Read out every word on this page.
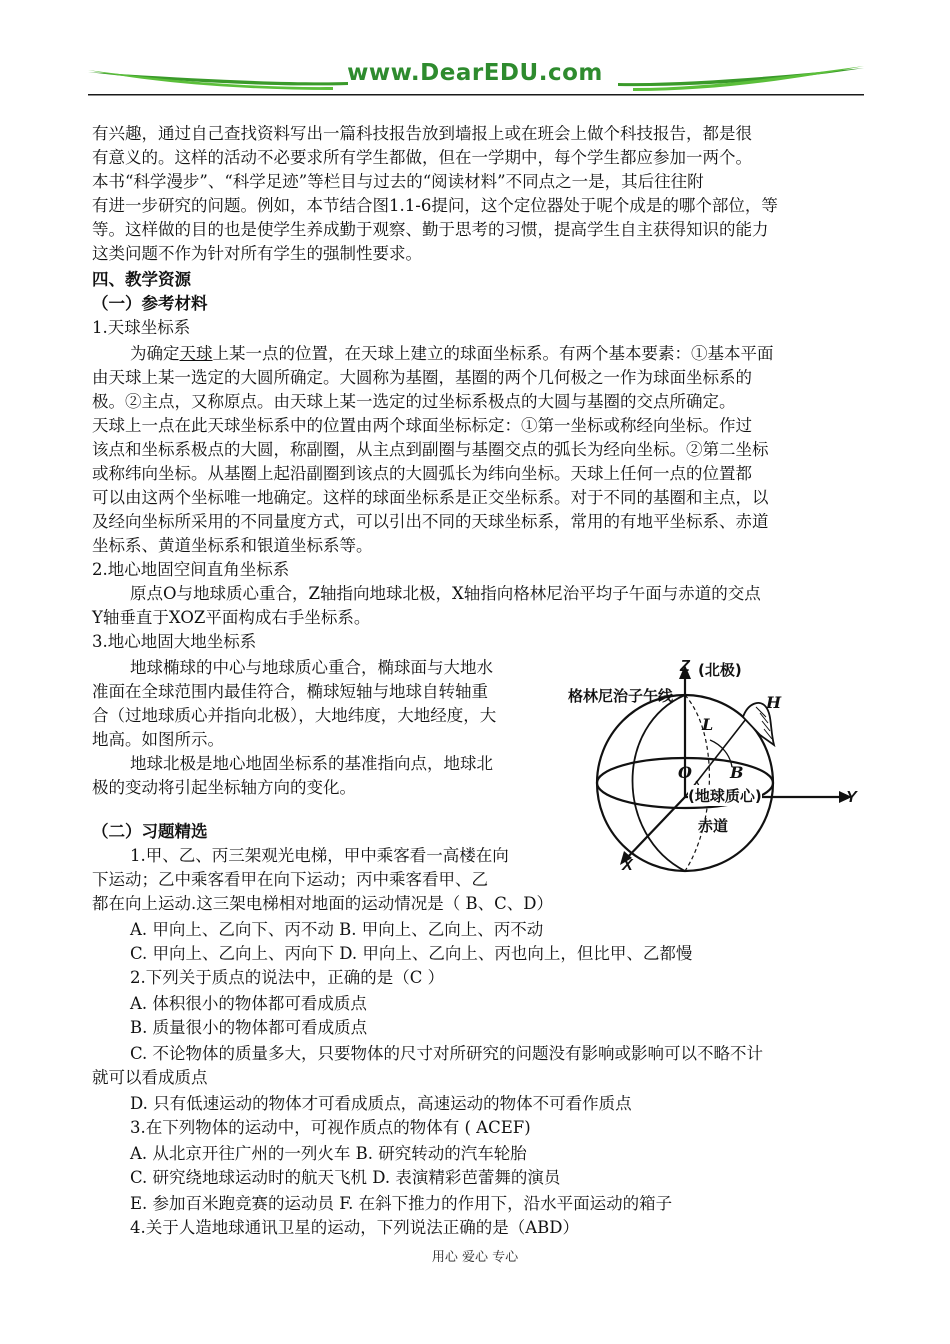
www.DearEDU.com
有兴趣，通过自己查找资料写出一篇科技报告放到墙报上或在班会上做个科技报告，都是很
有意义的。这样的活动不必要求所有学生都做，但在一学期中，每个学生都应参加一两个。
本书“科学漫步”、“科学足迹”等栏目与过去的“阅读材料”不同点之一是，其后往往附
有进一步研究的问题。例如，本节结合图1.1-6提问，这个定位器处于呢个成是的哪个部位，等
等。这样做的目的也是使学生养成勤于观察、勤于思考的习惯，提高学生自主获得知识的能力
这类问题不作为针对所有学生的强制性要求。
四、教学资源
（一）参考材料
1.天球坐标系
为确定天球上某一点的位置，在天球上建立的球面坐标系。有两个基本要素：①基本平面
由天球上某一选定的大圆所确定。大圆称为基圈，基圈的两个几何极之一作为球面坐标系的
极。②主点，又称原点。由天球上某一选定的过坐标系极点的大圆与基圈的交点所确定。
天球上一点在此天球坐标系中的位置由两个球面坐标标定：①第一坐标或称经向坐标。作过
该点和坐标系极点的大圆，称副圈，从主点到副圈与基圈交点的弧长为经向坐标。②第二坐标
或称纬向坐标。从基圈上起沿副圈到该点的大圆弧长为纬向坐标。天球上任何一点的位置都
可以由这两个坐标唯一地确定。这样的球面坐标系是正交坐标系。对于不同的基圈和主点，以
及经向坐标所采用的不同量度方式，可以引出不同的天球坐标系，常用的有地平坐标系、赤道
坐标系、黄道坐标系和银道坐标系等。
2.地心地固空间直角坐标系
原点O与地球质心重合，Z轴指向地球北极，X轴指向格林尼治平均子午面与赤道的交点
Y轴垂直于XOZ平面构成右手坐标系。
3.地心地固大地坐标系
地球椭球的中心与地球质心重合，椭球面与大地水
准面在全球范围内最佳符合，椭球短轴与地球自转轴重
合（过地球质心并指向北极），大地纬度，大地经度，大
地高。如图所示。
地球北极是地心地固坐标系的基准指向点，地球北
极的变动将引起坐标轴方向的变化。
Z (北极)
格林尼治子午线	H
L
O B
(地球质心)
赤道
Y
X
（二）习题精选
1.甲、乙、丙三架观光电梯，甲中乘客看一高楼在向
下运动；乙中乘客看甲在向下运动；丙中乘客看甲、乙
都在向上运动.这三架电梯相对地面的运动情况是（ B、C、D）
A. 甲向上、乙向下、丙不动 B. 甲向上、乙向上、丙不动
C. 甲向上、乙向上、丙向下 D. 甲向上、乙向上、丙也向上，但比甲、乙都慢
2.下列关于质点的说法中，正确的是（C ）
A. 体积很小的物体都可看成质点
B. 质量很小的物体都可看成质点
C. 不论物体的质量多大，只要物体的尺寸对所研究的问题没有影响或影响可以不略不计
就可以看成质点
D. 只有低速运动的物体才可看成质点，高速运动的物体不可看作质点
3.在下列物体的运动中，可视作质点的物体有 ( ACEF)
A. 从北京开往广州的一列火车 B. 研究转动的汽车轮胎
C. 研究绕地球运动时的航天飞机 D. 表演精彩芭蕾舞的演员
E. 参加百米跑竞赛的运动员 F. 在斜下推力的作用下，沿水平面运动的箱子
4.关于人造地球通讯卫星的运动，下列说法正确的是（ABD）
用心 爱心 专心
